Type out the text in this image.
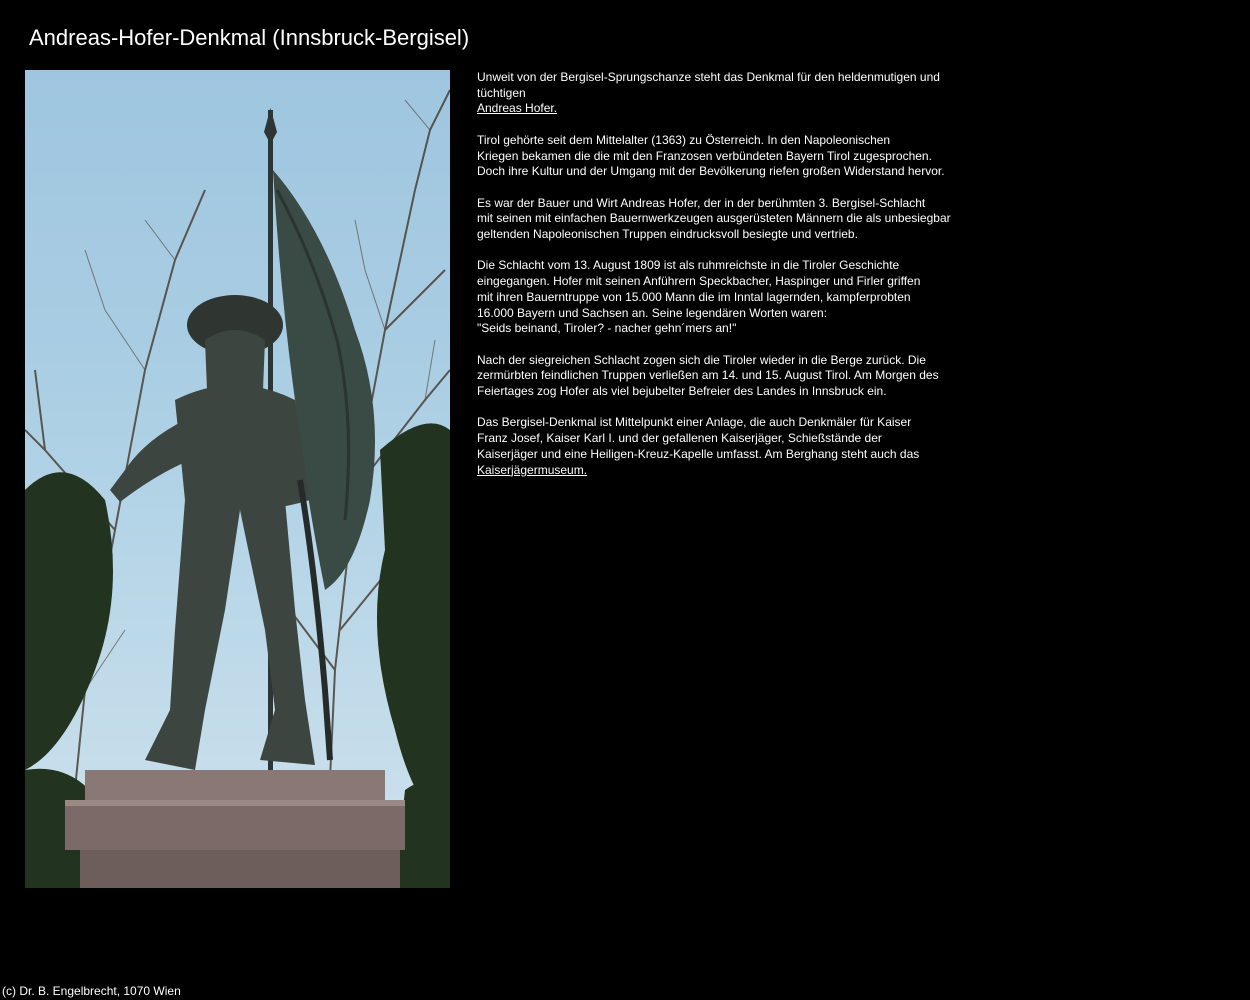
Andreas-Hofer-Denkmal (Innsbruck-Bergisel)

Unweit von der Bergisel-Sprungschanze steht das Denkmal für den heldenmutigen und tüchtigen
Andreas Hofer.

Tirol gehörte seit dem Mittelalter (1363) zu Österreich. In den Napoleonischen
Kriegen bekamen die die mit den Franzosen verbündeten Bayern Tirol zugesprochen.
Doch ihre Kultur und der Umgang mit der Bevölkerung riefen großen Widerstand hervor.

Es war der Bauer und Wirt Andreas Hofer, der in der berühmten 3. Bergisel-Schlacht
mit seinen mit einfachen Bauernwerkzeugen ausgerüsteten Männern die als unbesiegbar
geltenden Napoleonischen Truppen eindrucksvoll besiegte und vertrieb.

Die Schlacht vom 13. August 1809 ist als ruhmreichste in die Tiroler Geschichte
eingegangen. Hofer mit seinen Anführern Speckbacher, Haspinger und Firler griffen
mit ihren Bauerntruppe von 15.000 Mann die im Inntal lagernden, kampferprobten
16.000 Bayern und Sachsen an. Seine legendären Worten waren:
"Seids beinand, Tiroler? - nacher gehn´mers an!"

Nach der siegreichen Schlacht zogen sich die Tiroler wieder in die Berge zurück. Die
zermürbten feindlichen Truppen verließen am 14. und 15. August Tirol. Am Morgen des
Feiertages zog Hofer als viel bejubelter Befreier des Landes in Innsbruck ein.

Das Bergisel-Denkmal ist Mittelpunkt einer Anlage, die auch Denkmäler für Kaiser
Franz Josef, Kaiser Karl I. und der gefallenen Kaiserjäger, Schießstände der
Kaiserjäger und eine Heiligen-Kreuz-Kapelle umfasst. Am Berghang steht auch das
Kaiserjägermuseum.

(c) Dr. B. Engelbrecht, 1070 Wien
